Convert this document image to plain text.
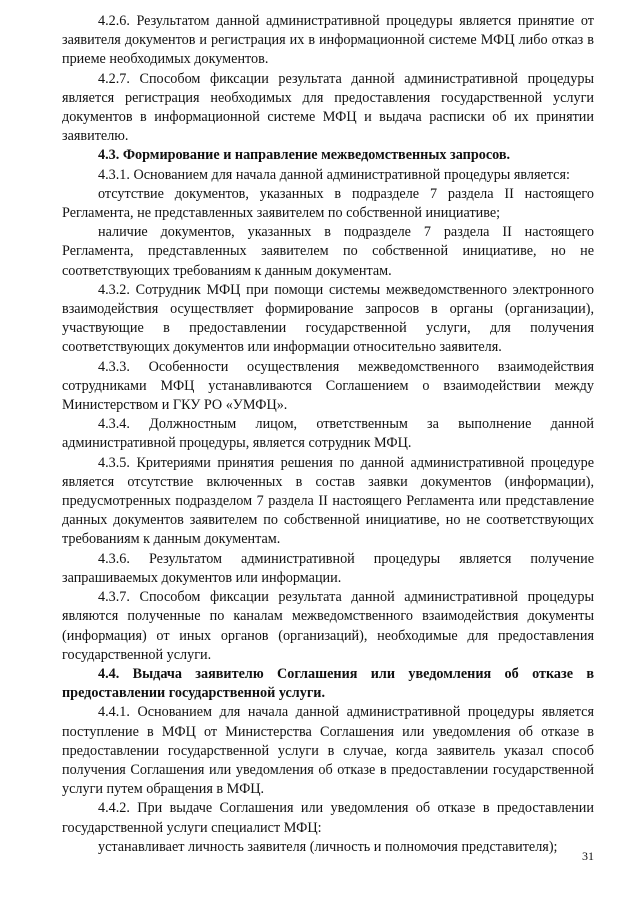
4.2.6. Результатом данной административной процедуры является принятие от заявителя документов и регистрация их в информационной системе МФЦ либо отказ в приеме необходимых документов.

4.2.7. Способом фиксации результата данной административной процедуры является регистрация необходимых для предоставления государственной услуги документов в информационной системе МФЦ и выдача расписки об их принятии заявителю.

4.3. Формирование и направление межведомственных запросов.

4.3.1. Основанием для начала данной административной процедуры является:

отсутствие документов, указанных в подразделе 7 раздела II настоящего Регламента, не представленных заявителем по собственной инициативе;

наличие документов, указанных в подразделе 7 раздела II настоящего Регламента, представленных заявителем по собственной инициативе, но не соответствующих требованиям к данным документам.

4.3.2. Сотрудник МФЦ при помощи системы межведомственного электронного взаимодействия осуществляет формирование запросов в органы (организации), участвующие в предоставлении государственной услуги, для получения соответствующих документов или информации относительно заявителя.

4.3.3. Особенности осуществления межведомственного взаимодействия сотрудниками МФЦ устанавливаются Соглашением о взаимодействии между Министерством и ГКУ РО «УМФЦ».

4.3.4. Должностным лицом, ответственным за выполнение данной административной процедуры, является сотрудник МФЦ.

4.3.5. Критериями принятия решения по данной административной процедуре является отсутствие включенных в состав заявки документов (информации), предусмотренных подразделом 7 раздела II настоящего Регламента или представление данных документов заявителем по собственной инициативе, но не соответствующих требованиям к данным документам.

4.3.6. Результатом административной процедуры является получение запрашиваемых документов или информации.

4.3.7. Способом фиксации результата данной административной процедуры являются полученные по каналам межведомственного взаимодействия документы (информация) от иных органов (организаций), необходимые для предоставления государственной услуги.

4.4. Выдача заявителю Соглашения или уведомления об отказе в предоставлении государственной услуги.

4.4.1. Основанием для начала данной административной процедуры является поступление в МФЦ от Министерства Соглашения или уведомления об отказе в предоставлении государственной услуги в случае, когда заявитель указал способ получения Соглашения или уведомления об отказе в предоставлении государственной услуги путем обращения в МФЦ.

4.4.2. При выдаче Соглашения или уведомления об отказе в предоставлении государственной услуги специалист МФЦ:

устанавливает личность заявителя (личность и полномочия представителя);

31
